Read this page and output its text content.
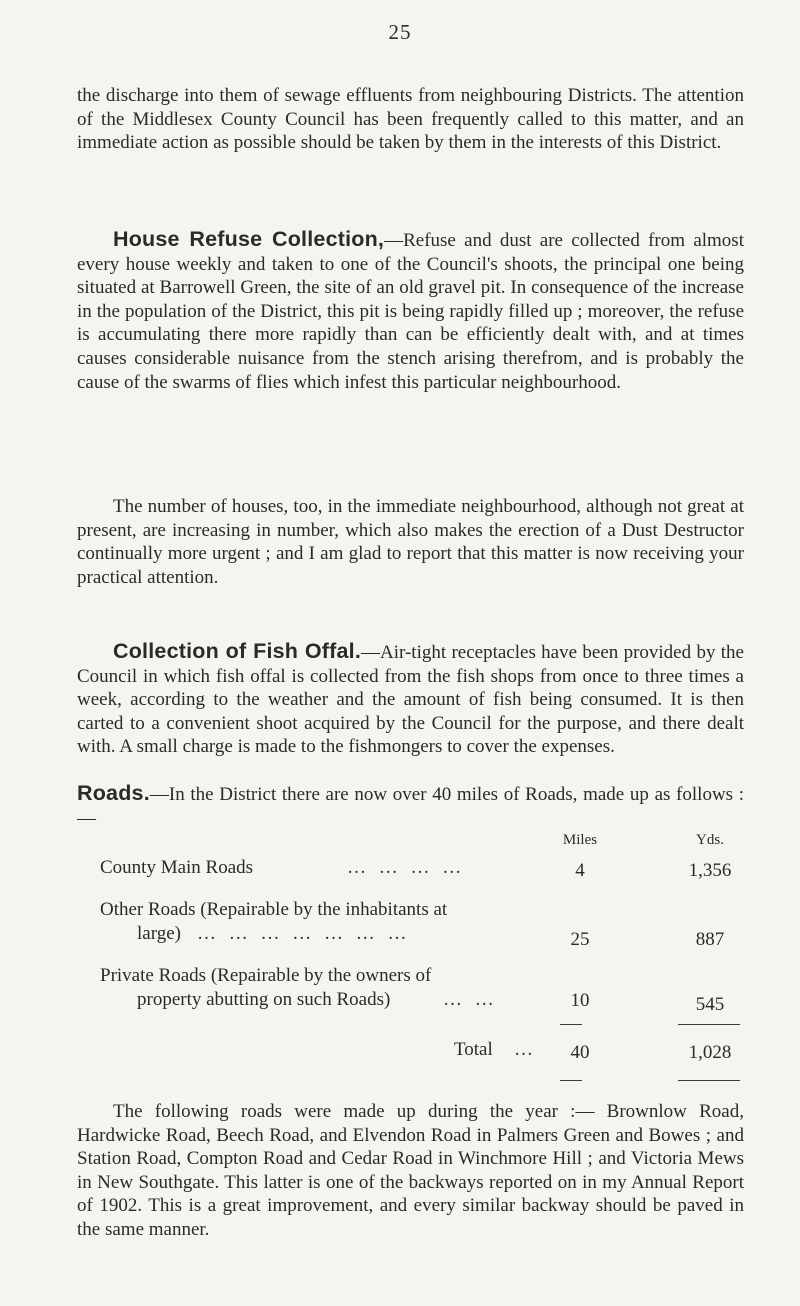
25
the discharge into them of sewage effluents from neighbouring Districts. The attention of the Middlesex County Council has been frequently called to this matter, and an immediate action as possible should be taken by them in the interests of this District.
House Refuse Collection,—Refuse and dust are collected from almost every house weekly and taken to one of the Council's shoots, the principal one being situated at Barrowell Green, the site of an old gravel pit. In consequence of the increase in the population of the District, this pit is being rapidly filled up ; moreover, the refuse is accumulating there more rapidly than can be efficiently dealt with, and at times causes considerable nuisance from the stench arising therefrom, and is probably the cause of the swarms of flies which infest this particular neighbourhood.
The number of houses, too, in the immediate neighbourhood, although not great at present, are increasing in number, which also makes the erection of a Dust Destructor continually more urgent ; and I am glad to report that this matter is now receiving your practical attention.
Collection of Fish Offal.—Air-tight receptacles have been provided by the Council in which fish offal is collected from the fish shops from once to three times a week, according to the weather and the amount of fish being consumed. It is then carted to a convenient shoot acquired by the Council for the purpose, and there dealt with. A small charge is made to the fishmongers to cover the expenses.
Roads.—In the District there are now over 40 miles of Roads, made up as follows :—
Miles	Yds.
County Main Roads	… … … …	4	1,356
Other Roads (Repairable by the inhabitants at
large) … … … … … … …	25	887
Private Roads (Repairable by the owners of
property abutting on such Roads)	… …	10	545
Total …	40	1,028
The following roads were made up during the year :— Brownlow Road, Hardwicke Road, Beech Road, and Elvendon Road in Palmers Green and Bowes ; and Station Road, Compton Road and Cedar Road in Winchmore Hill ; and Victoria Mews in New Southgate. This latter is one of the backways reported on in my Annual Report of 1902. This is a great improvement, and every similar backway should be paved in the same manner.
